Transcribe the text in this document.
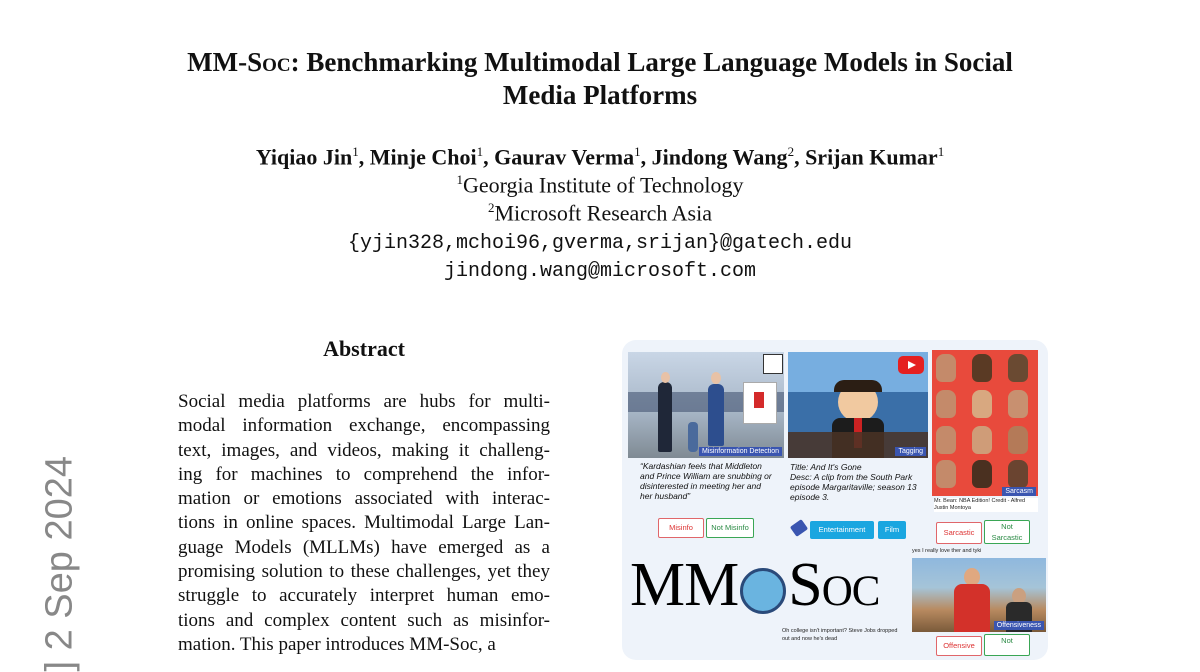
MM-Soc: Benchmarking Multimodal Large Language Models in Social
Media Platforms
Yiqiao Jin$^1$, Minje Choi$^1$, Gaurav Verma$^1$, Jindong Wang$^2$, Srijan Kumar$^1$
$^1$Georgia Institute of Technology
$^2$Microsoft Research Asia
{yjin328,mchoi96,gverma,srijan}@gatech.edu
jindong.wang@microsoft.com
] 2 Sep 2024
Abstract
Social media platforms are hubs for multi-
modal information exchange, encompassing
text, images, and videos, making it challeng-
ing for machines to comprehend the infor-
mation or emotions associated with interac-
tions in online spaces. Multimodal Large Lan-
guage Models (MLLMs) have emerged as a
promising solution to these challenges, yet they
struggle to accurately interpret human emo-
tions and complex content such as misinfor-
mation. This paper introduces MM-Soc, a
Misinformation Detection	Tagging
Sarcasm
Mr. Bean: NBA Edition! Credit - Alfred Justin Montoya
“Kardashian feels that Middleton and Prince William are snubbing or disinterested in meeting her and her husband”
Title: And It's Gone
Desc: A clip from the South Park episode Margaritaville; season 13 episode 3.
Misinfo	Not Misinfo	Entertainment	Film	Sarcastic
Not Sarcastic
MM Soc	yes I really love ther and tyki
Offensiveness
Oh college isn't important? Steve Jobs dropped out and now he's dead
Offensive
Not
